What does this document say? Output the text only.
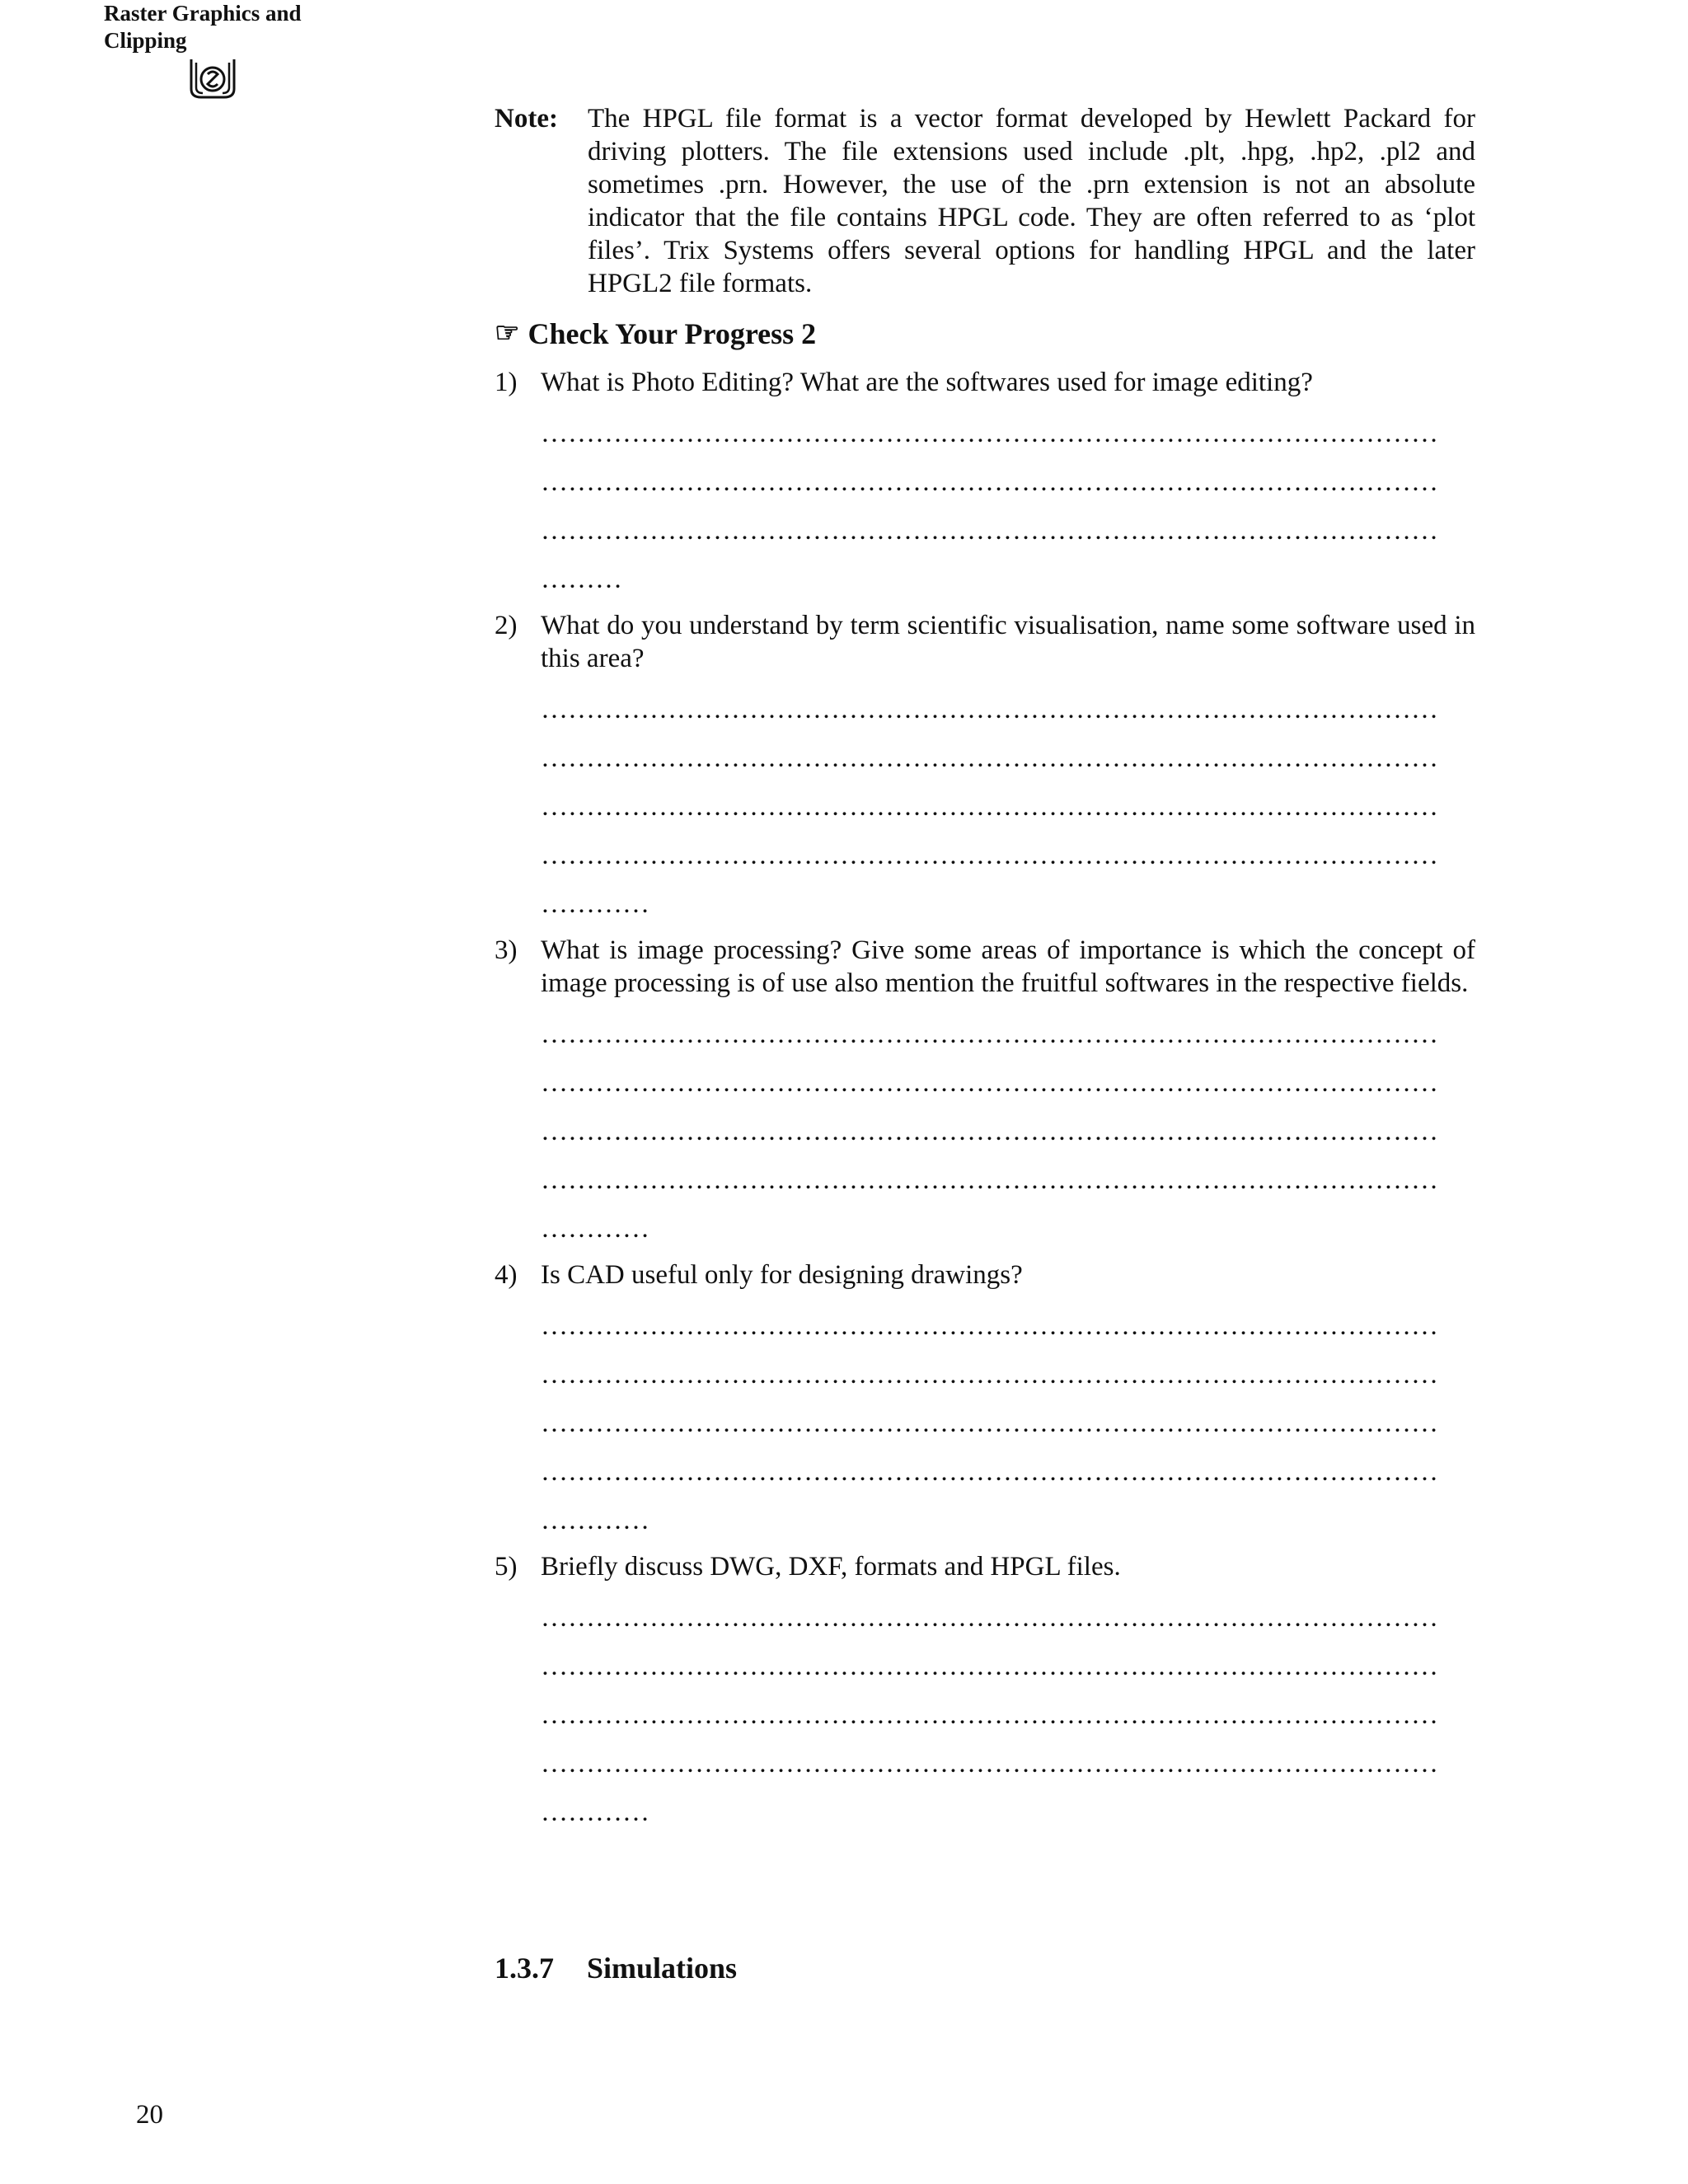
Raster Graphics and
Clipping
Note:	The HPGL file format is a vector format developed by Hewlett Packard for driving plotters. The file extensions used include .plt, .hpg, .hp2, .pl2 and sometimes .prn. However, the use of the .prn extension is not an absolute indicator that the file contains HPGL code. They are often referred to as ‘plot files’. Trix Systems offers several options for handling HPGL and the later HPGL2 file formats.
☞ Check Your Progress 2
1) What is Photo Editing? What are the softwares used for image editing?
………………………………………………………………………………………
………………………………………………………………………………………
………………………………………………………………………………………
………
2) What do you understand by term scientific visualisation, name some software used in this area?
………………………………………………………………………………………
………………………………………………………………………………………
………………………………………………………………………………………
………………………………………………………………………………………
…………
3) What is image processing? Give some areas of importance is which the concept of image processing is of use also mention the fruitful softwares in the respective fields.
………………………………………………………………………………………
………………………………………………………………………………………
………………………………………………………………………………………
………………………………………………………………………………………
…………
4) Is CAD useful only for designing drawings?
………………………………………………………………………………………
………………………………………………………………………………………
………………………………………………………………………………………
………………………………………………………………………………………
…………
5) Briefly discuss DWG, DXF, formats and HPGL files.
………………………………………………………………………………………
………………………………………………………………………………………
………………………………………………………………………………………
………………………………………………………………………………………
…………
1.3.7 Simulations
20
